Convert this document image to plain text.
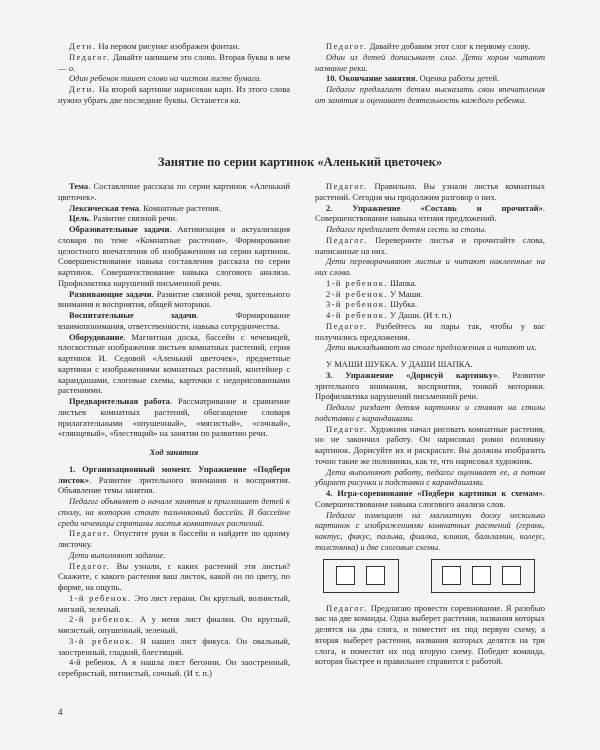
Дети. На первом рисунке изображен фонтан.

Педагог. Давайте напишем это слово. Вторая буква в нем — о.

Один ребенок пишет слово на чистом листе бумаги.

Дети. На второй картинке нарисован карп. Из этого слова нужно убрать две последние буквы. Останется ка.

Педагог. Давайте добавим этот слог к первому слову.

Один из детей дописывает слог. Дети хором читают название реки.

10. Окончание занятия. Оценка работы детей.

Педагог предлагает детям высказать свои впечатления от занятия и оценивает деятельность каждого ребенка.

Занятие по серии картинок «Аленький цветочек»

Тема. Составление рассказа по серии картинок «Аленький цветочек».

Лексическая тема. Комнатные растения.

Цель. Развитие связной речи.

Образовательные задачи. Активизация и актуализация словаря по теме «Комнатные растения». Формирование целостного впечатления об изображенном на серии картинок. Совершенствование навыка составления рассказа по серии картинок. Совершенствование навыка слогового анализа. Профилактика нарушений письменной речи.

Развивающие задачи. Развитие связной речи, зрительного внимания и восприятия, общей моторики.

Воспитательные задачи. Формирование взаимопонимания, ответственности, навыка сотрудничества.

Оборудование. Магнитная доска, бассейн с чечевицей, плоскостные изображения листьев комнатных растений, серия картинок И. Седовой «Аленький цветочек», предметные картинки с изображениями комнатных растений, контейнер с карандашами, слоговые схемы, карточки с недорисованными растениями.

Предварительная работа. Рассматривание и сравнение листьев комнатных растений, обогащение словаря прилагательными «опушенный», «мясистый», «сочный», «глянцевый», «блестящий» на занятии по развитию речи.

Ход занятия

1. Организационный момент. Упражнение «Подбери листок». Развитие зрительного внимания и восприятия. Объявление темы занятия.

Педагог объявляет о начале занятия и приглашает детей к столу, на котором стоит пальчиковый бассейн. В бассейне среди чечевицы спрятаны листья комнатных растений.

Педагог. Опустите руки в бассейн и найдите по одному листочку.

Дети выполняют задание.

Педагог. Вы узнали, с каких растений эти листья? Скажите, с какого растения ваш листок, какой он по цвету, по форме, на ощупь.

1-й ребенок. Это лист герани. Он круглый, волнистый, мягкий, зеленый.

2-й ребенок. А у меня лист фиалки. Он круглый, мясистый, опушенный, зеленый.

3-й ребенок. Я нашел лист фикуса. Он овальный, заостренный, гладкий, блестящий.

4-й ребенок. А я нашла лист бегонии. Он заостренный, серебристый, пятнистый, сочный. (И т. п.)

Педагог. Правильно. Вы узнали листья комнатных растений. Сегодня мы продолжим разговор о них.

2. Упражнение «Составь и прочитай». Совершенствование навыка чтения предложений.

Педагог предлагает детям сесть за столы.

Педагог. Переверните листья и прочитайте слова, написанные на них.

Дети переворачивают листья и читают наклеенные на них слова.

1-й ребенок. Шапка.

2-й ребенок. У Маши.

3-й ребенок. Шубка.

4-й ребенок. У Даши. (И т. п.)

Педагог. Разбейтесь на пары так, чтобы у вас получились предложения.

Дети выкладывают на столе предложения и читают их.

У МАШИ ШУБКА. У ДАШИ ШАПКА.

3. Упражнение «Дорисуй картинку». Развитие зрительного внимания, восприятия, тонкой моторики. Профилактика нарушений письменной речи.

Педагог раздает детям картинки и ставит на столы подставки с карандашами.

Педагог. Художник начал рисовать комнатные растения, но не закончил работу. Он нарисовал ровно половину картинок. Дорисуйте их и раскрасьте. Вы должны изобразить точно такие же половинки, как те, что нарисовал художник.

Дети выполняют работу, педагог оценивает ее, а потом убирает рисунки и подставки с карандашами.

4. Игра-соревнование «Подбери картинки к схемам». Совершенствование навыка слогового анализа слов.

Педагог помещает на магнитную доску несколько картинок с изображениями комнатных растений (герань, кактус, фикус, пальма, фиалка, кливия, бальзамин, колеус, толстянка) и две слоговые схемы.

Педагог. Предлагаю провести соревнование. Я разобью вас на две команды. Одна выберет растения, названия которых делятся на два слога, и поместит их под первую схему, а вторая выберет растения, названия которых делятся на три слога, и поместит их под вторую схему. Победит команда, которая быстрее и правильнее справится с работой.

4
